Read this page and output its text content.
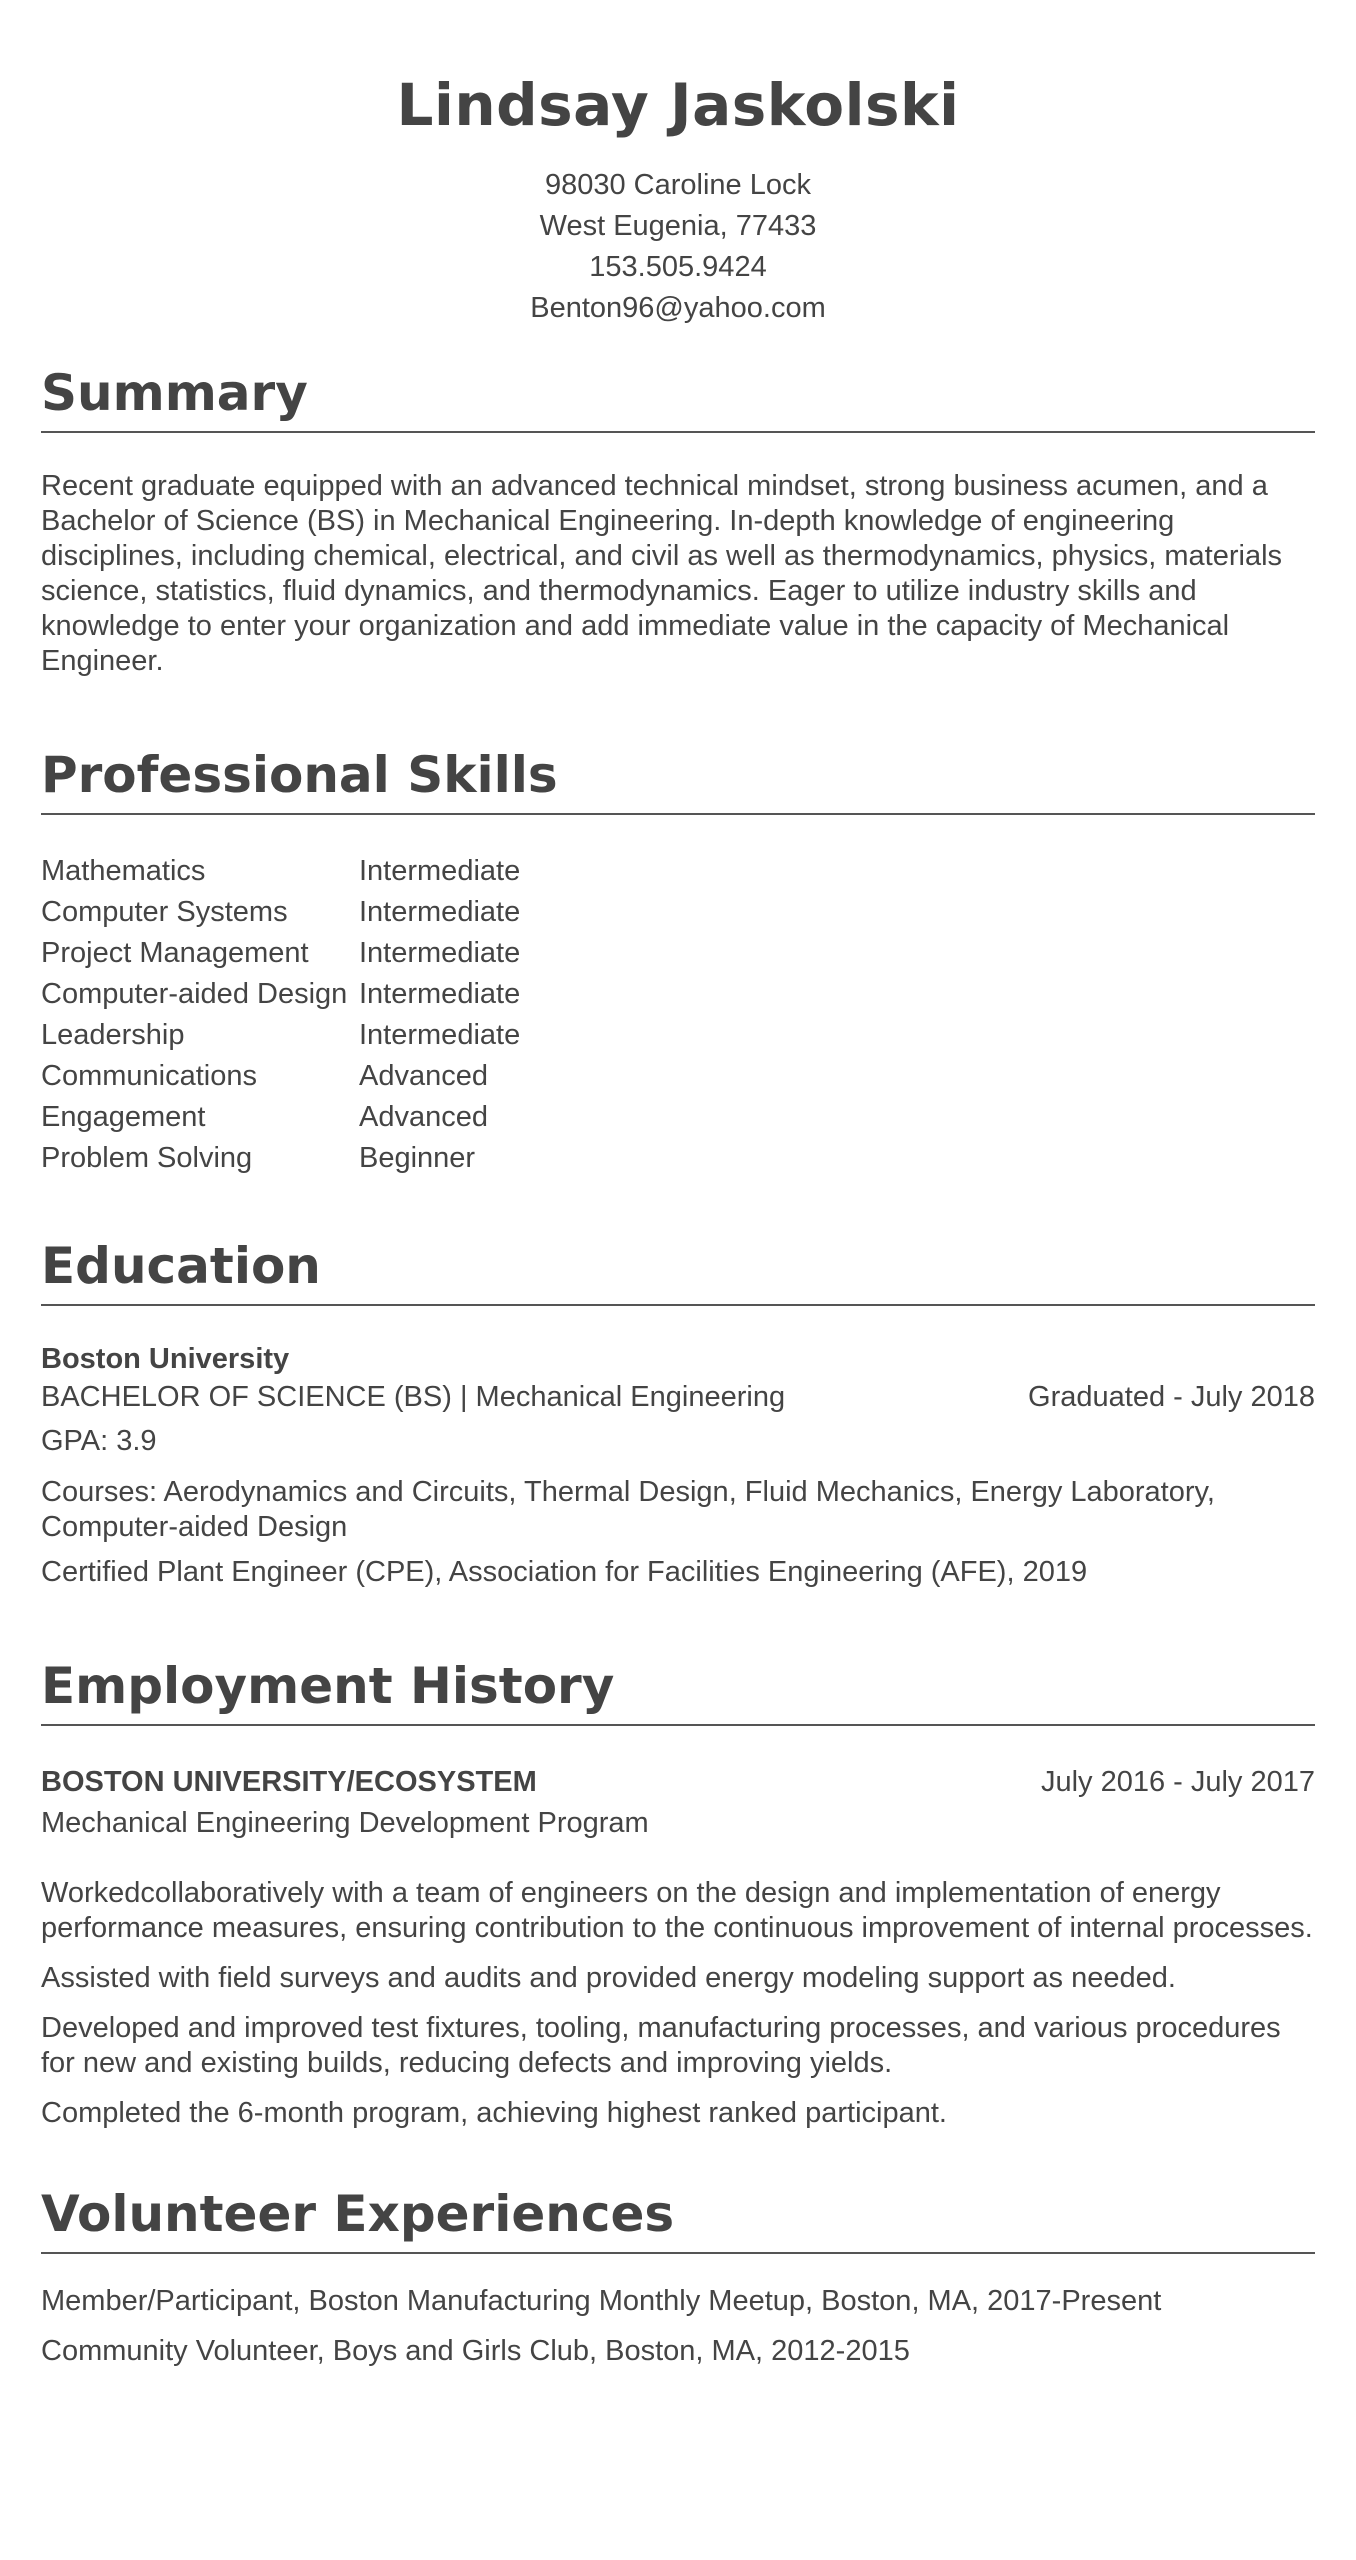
Lindsay Jaskolski
98030 Caroline Lock
West Eugenia, 77433
153.505.9424
Benton96@yahoo.com
Summary
Recent graduate equipped with an advanced technical mindset, strong business acumen, and a Bachelor of Science (BS) in Mechanical Engineering. In-depth knowledge of engineering disciplines, including chemical, electrical, and civil as well as thermodynamics, physics, materials science, statistics, fluid dynamics, and thermodynamics. Eager to utilize industry skills and knowledge to enter your organization and add immediate value in the capacity of Mechanical Engineer.
Professional Skills
Mathematics	Intermediate
Computer Systems	Intermediate
Project Management	Intermediate
Computer-aided Design Intermediate
Leadership	Intermediate
Communications	Advanced
Engagement	Advanced
Problem Solving	Beginner
Education
Boston University
BACHELOR OF SCIENCE (BS) | Mechanical Engineering	Graduated - July 2018
GPA: 3.9
Courses: Aerodynamics and Circuits, Thermal Design, Fluid Mechanics, Energy Laboratory, Computer-aided Design
Certified Plant Engineer (CPE), Association for Facilities Engineering (AFE), 2019
Employment History
BOSTON UNIVERSITY/ECOSYSTEM	July 2016 - July 2017
Mechanical Engineering Development Program
Workedcollaboratively with a team of engineers on the design and implementation of energy performance measures, ensuring contribution to the continuous improvement of internal processes.
Assisted with field surveys and audits and provided energy modeling support as needed.
Developed and improved test fixtures, tooling, manufacturing processes, and various procedures for new and existing builds, reducing defects and improving yields.
Completed the 6-month program, achieving highest ranked participant.
Volunteer Experiences
Member/Participant, Boston Manufacturing Monthly Meetup, Boston, MA, 2017-Present
Community Volunteer, Boys and Girls Club, Boston, MA, 2012-2015
